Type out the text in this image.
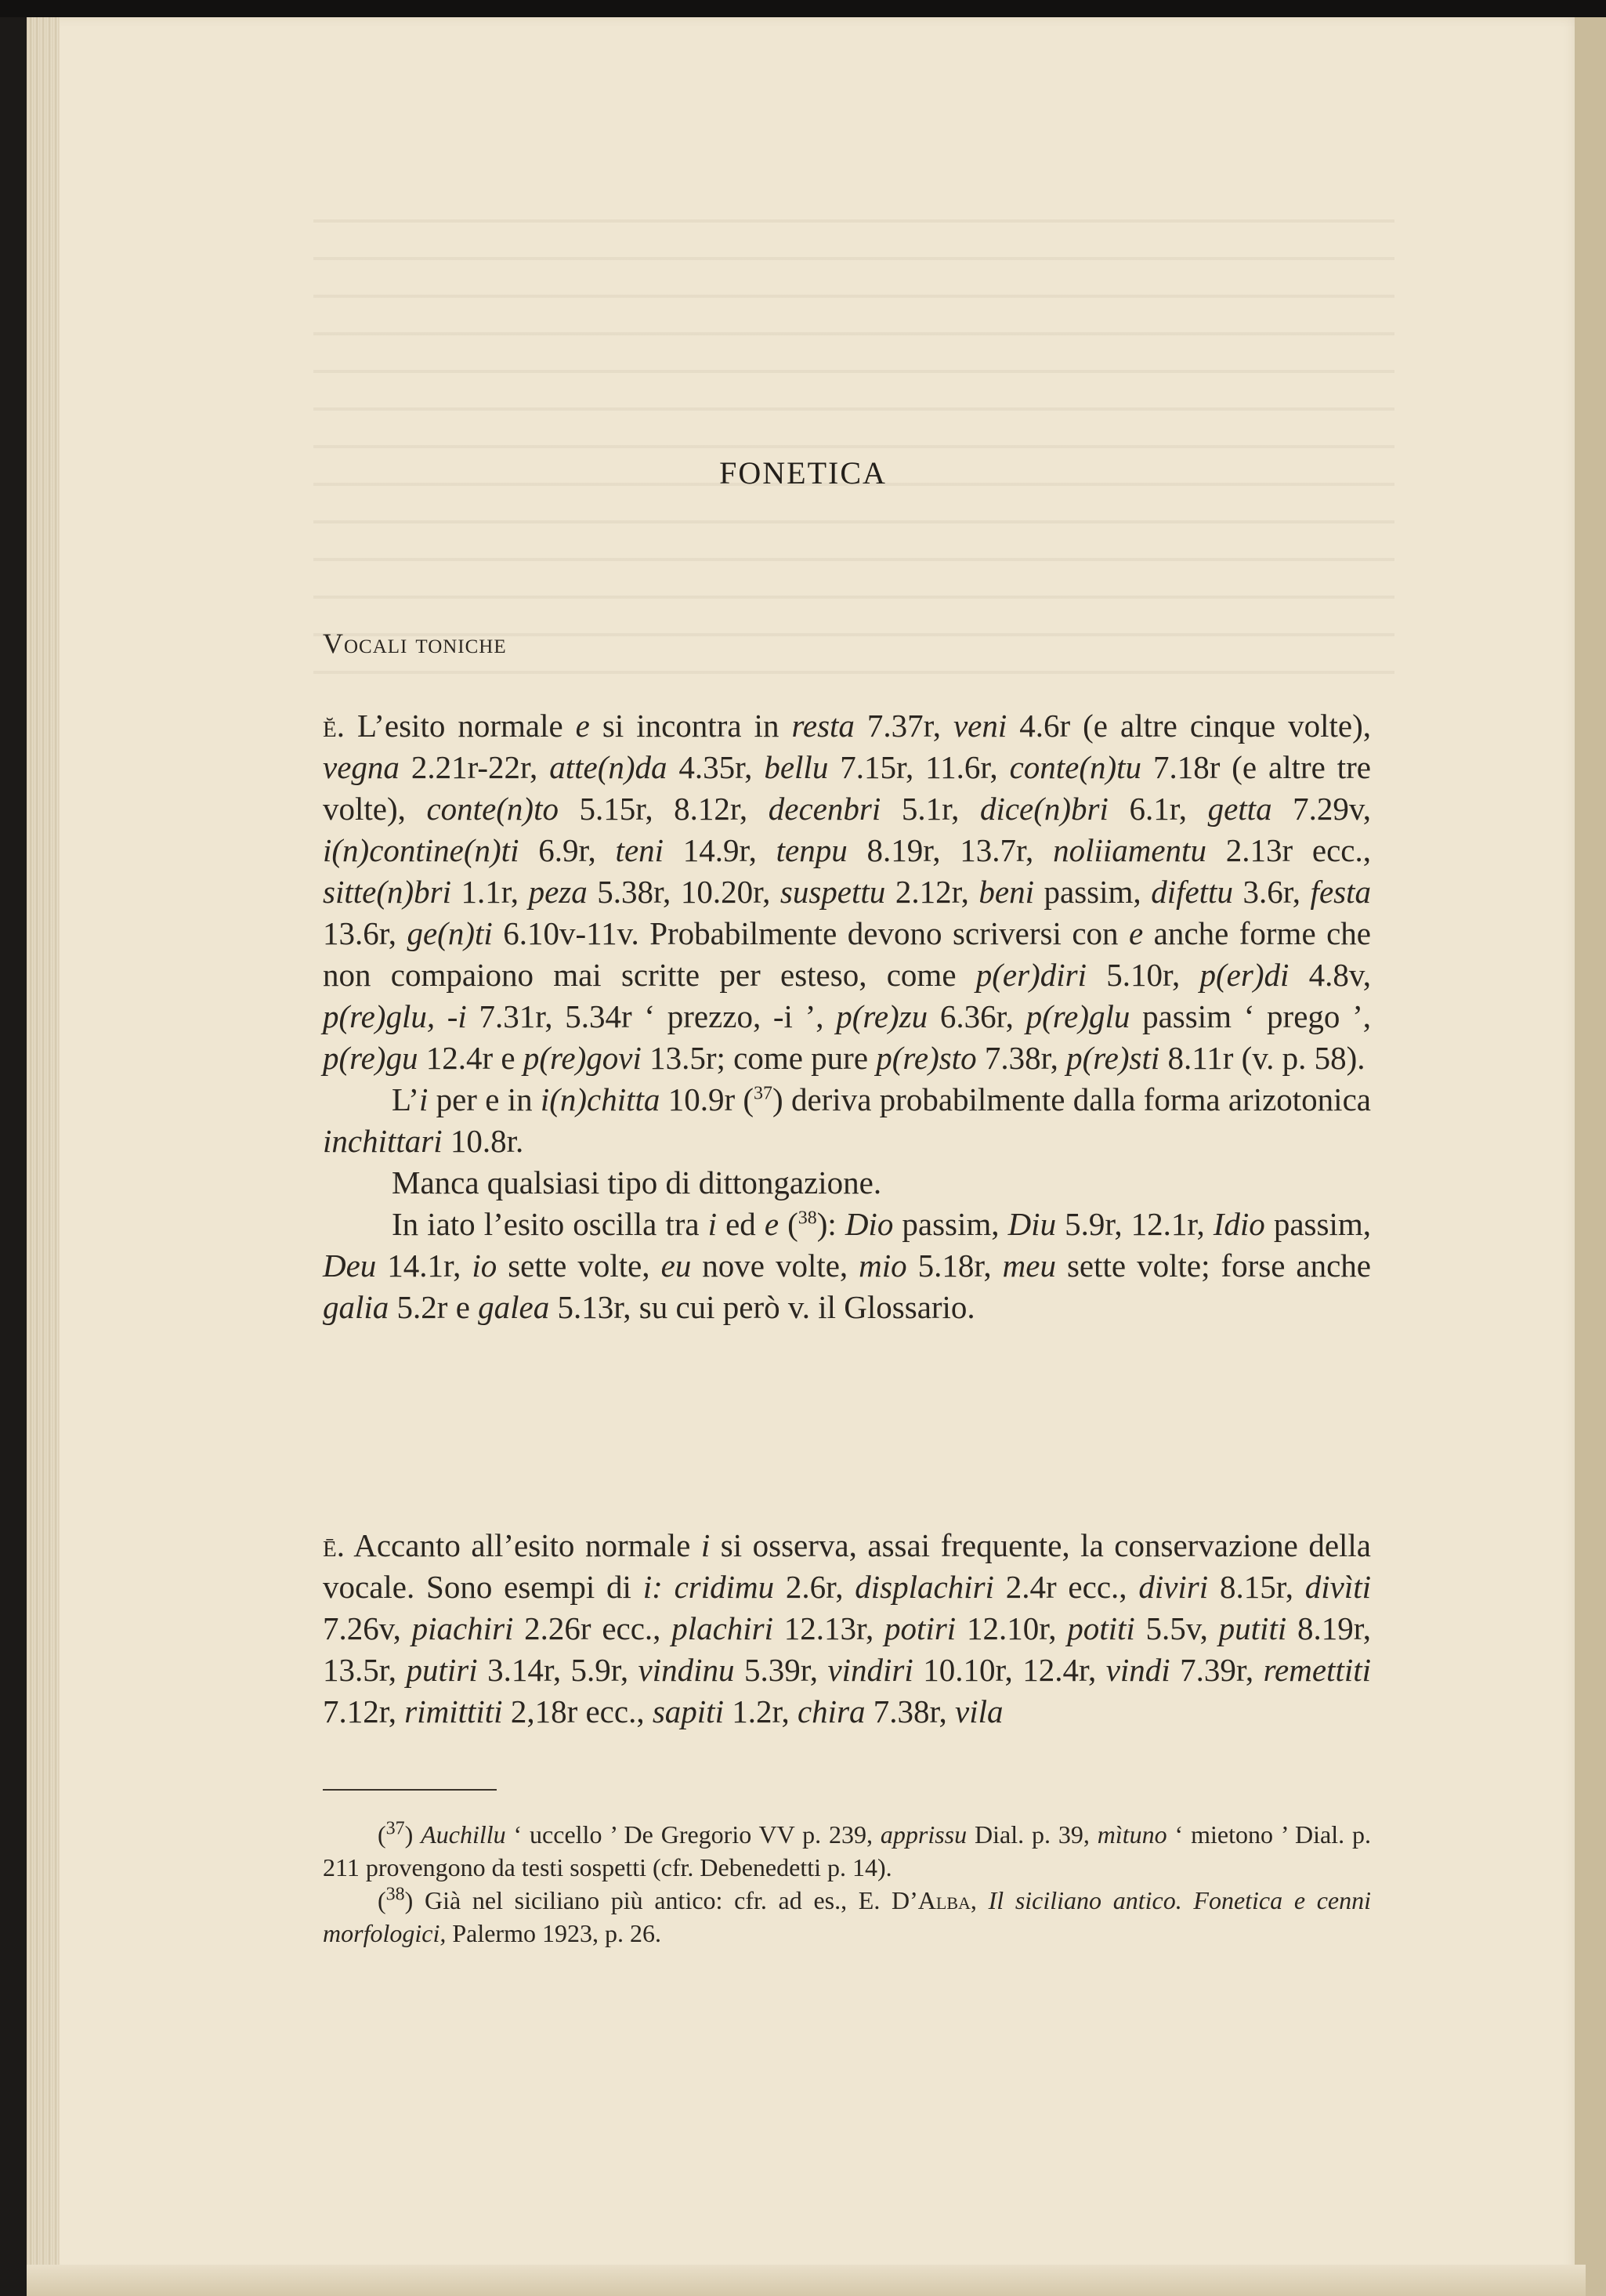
FONETICA
Vocali toniche

ĕ. L’esito normale e si incontra in resta 7.37r, veni 4.6r (e altre cinque volte), vegna 2.21r-22r, atte(n)da 4.35r, bellu 7.15r, 11.6r, conte(n)tu 7.18r (e altre tre volte), conte(n)to 5.15r, 8.12r, decenbri 5.1r, dice(n)bri 6.1r, getta 7.29v, i(n)contine(n)ti 6.9r, teni 14.9r, tenpu 8.19r, 13.7r, noliiamentu 2.13r ecc., sitte(n)bri 1.1r, peza 5.38r, 10.20r, suspettu 2.12r, beni passim, difettu 3.6r, festa 13.6r, ge(n)ti 6.10v-11v. Probabilmente devono scriversi con e anche forme che non compaiono mai scritte per esteso, come p(er)diri 5.10r, p(er)di 4.8v, p(re)glu, -i 7.31r, 5.34r ‘ prezzo, -i ’, p(re)zu 6.36r, p(re)glu passim ‘ prego ’, p(re)gu 12.4r e p(re)govi 13.5r; come pure p(re)sto 7.38r, p(re)sti 8.11r (v. p. 58).

L’i per e in i(n)chitta 10.9r ($^{37}$) deriva probabilmente dalla forma arizotonica inchittari 10.8r.

Manca qualsiasi tipo di dittongazione.

In iato l’esito oscilla tra i ed e ($^{38}$): Dio passim, Diu 5.9r, 12.1r, Idio passim, Deu 14.1r, io sette volte, eu nove volte, mio 5.18r, meu sette volte; forse anche galia 5.2r e galea 5.13r, su cui però v. il Glossario.

ē. Accanto all’esito normale i si osserva, assai frequente, la conservazione della vocale. Sono esempi di i: cridimu 2.6r, displachiri 2.4r ecc., diviri 8.15r, divìti 7.26v, piachiri 2.26r ecc., plachiri 12.13r, potiri 12.10r, potiti 5.5v, putiti 8.19r, 13.5r, putiri 3.14r, 5.9r, vindinu 5.39r, vindiri 10.10r, 12.4r, vindi 7.39r, remettiti 7.12r, rimittiti 2,18r ecc., sapiti 1.2r, chira 7.38r, vila

($^{37}$) Auchillu ‘ uccello ’ De Gregorio VV p. 239, apprissu Dial. p. 39, mìtuno ‘ mietono ’ Dial. p. 211 provengono da testi sospetti (cfr. Debenedetti p. 14).

($^{38}$) Già nel siciliano più antico: cfr. ad es., E. D’Alba, Il siciliano antico. Fonetica e cenni morfologici, Palermo 1923, p. 26.
